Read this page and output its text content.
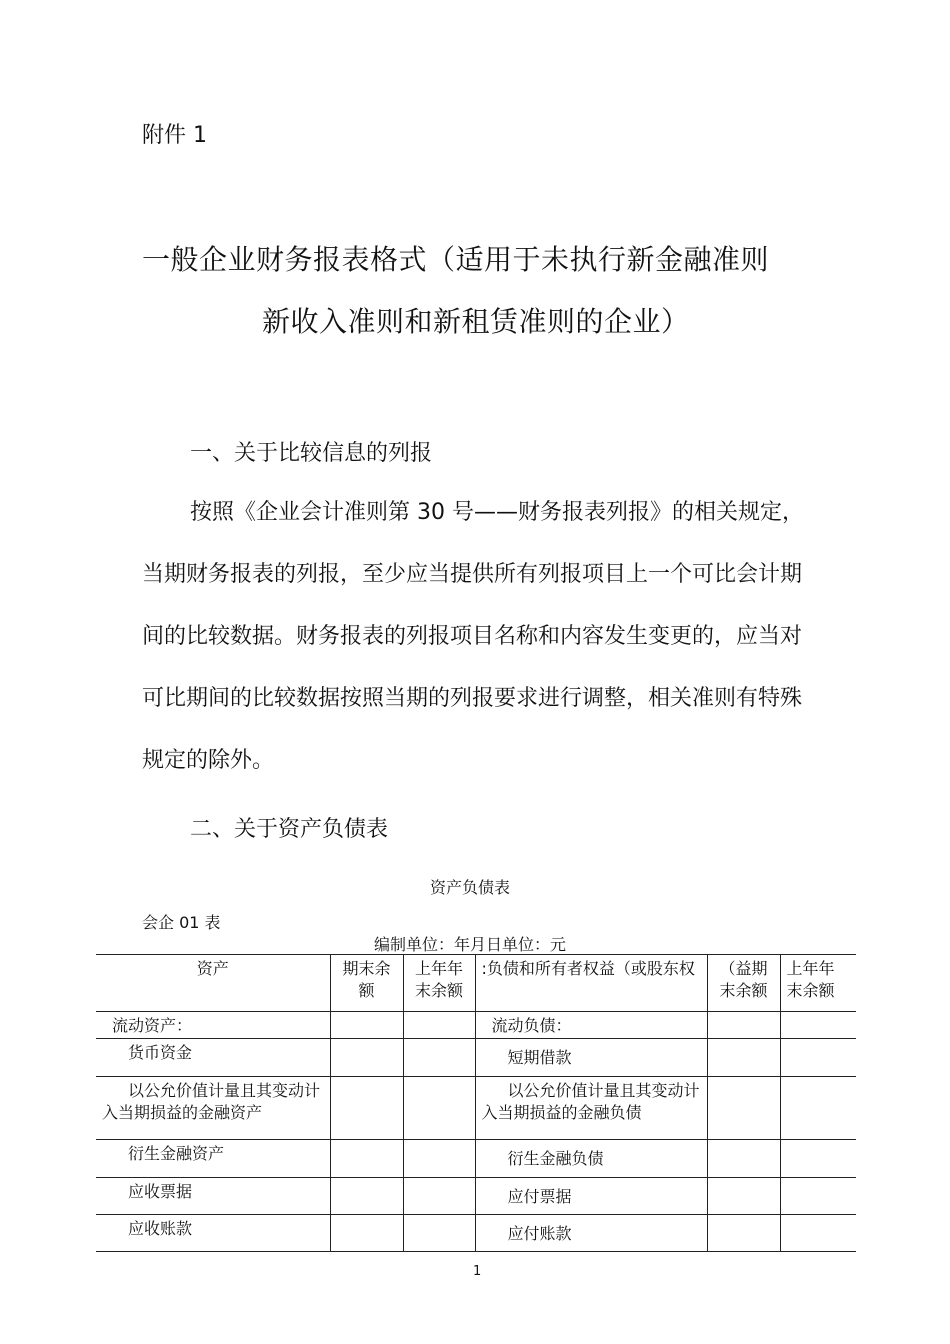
附件 1
一般企业财务报表格式（适用于未执行新金融准则
新收入准则和新租赁准则的企业）
一、关于比较信息的列报
按照《企业会计准则第 30 号——财务报表列报》的相关规定，
当期财务报表的列报，至少应当提供所有列报项目上一个可比会计期
间的比较数据。财务报表的列报项目名称和内容发生变更的，应当对
可比期间的比较数据按照当期的列报要求进行调整，相关准则有特殊
规定的除外。
二、关于资产负债表
资产负债表
会企 01 表
编制单位：年月日单位：元
资产	期末余额	上年年末余额	:负债和所有者权益（或股东权	（益期末余额	上年年末余额

流动资产：			流动负债：		

货币资金			短期借款		

以公允价值计量且其变动计入当期损益的金融资产			以公允价值计量且其变动计入当期损益的金融负债		

衍生金融资产			衍生金融负债		

应收票据			应付票据		

应收账款			应付账款		

1
